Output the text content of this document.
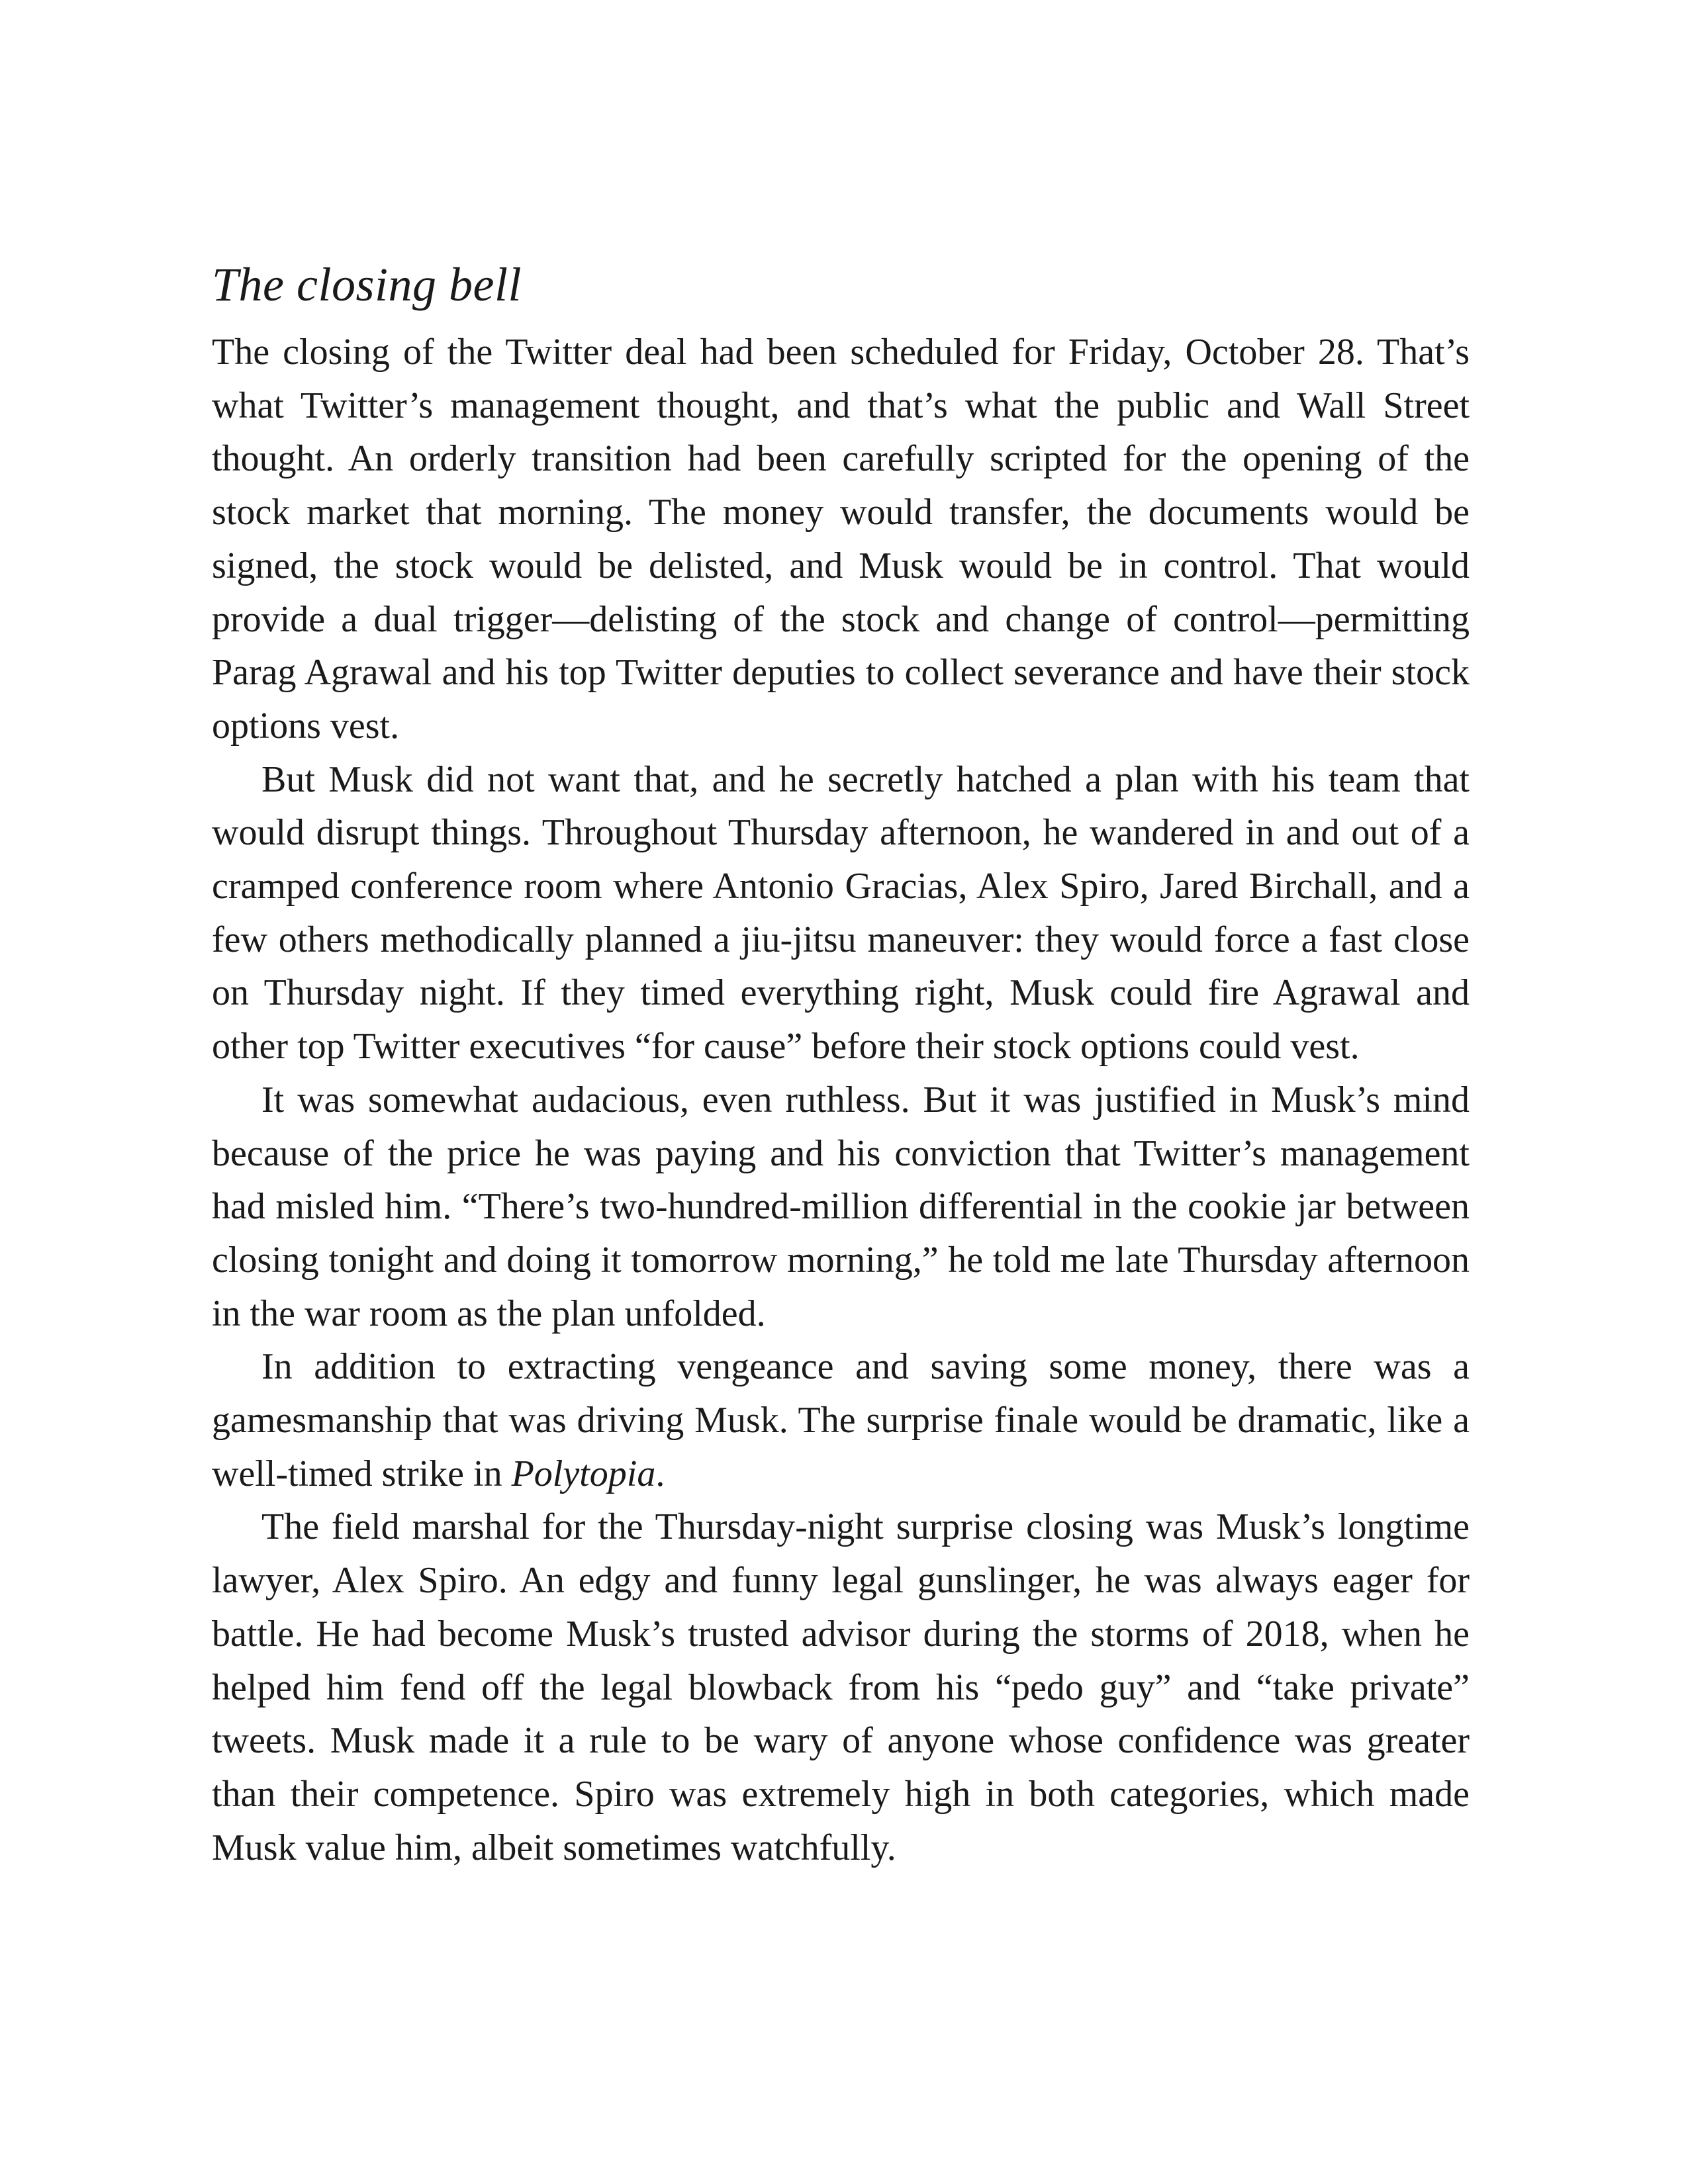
The closing bell

The closing of the Twitter deal had been scheduled for Friday, October 28. That’s what Twitter’s management thought, and that’s what the public and Wall Street thought. An orderly transition had been carefully scripted for the opening of the stock market that morning. The money would transfer, the documents would be signed, the stock would be delisted, and Musk would be in control. That would provide a dual trigger—delisting of the stock and change of control—permitting Parag Agrawal and his top Twitter deputies to collect severance and have their stock options vest.

But Musk did not want that, and he secretly hatched a plan with his team that would disrupt things. Throughout Thursday afternoon, he wandered in and out of a cramped conference room where Antonio Gracias, Alex Spiro, Jared Birchall, and a few others methodically planned a jiu-jitsu maneuver: they would force a fast close on Thursday night. If they timed everything right, Musk could fire Agrawal and other top Twitter executives “for cause” before their stock options could vest.

It was somewhat audacious, even ruthless. But it was justified in Musk’s mind because of the price he was paying and his conviction that Twitter’s management had misled him. “There’s two-hundred-million differential in the cookie jar between closing tonight and doing it tomorrow morning,” he told me late Thursday afternoon in the war room as the plan unfolded.

In addition to extracting vengeance and saving some money, there was a gamesmanship that was driving Musk. The surprise finale would be dramatic, like a well-timed strike in Polytopia.

The field marshal for the Thursday-night surprise closing was Musk’s longtime lawyer, Alex Spiro. An edgy and funny legal gunslinger, he was always eager for battle. He had become Musk’s trusted advisor during the storms of 2018, when he helped him fend off the legal blowback from his “pedo guy” and “take private” tweets. Musk made it a rule to be wary of anyone whose confidence was greater than their competence. Spiro was extremely high in both categories, which made Musk value him, albeit sometimes watchfully.
